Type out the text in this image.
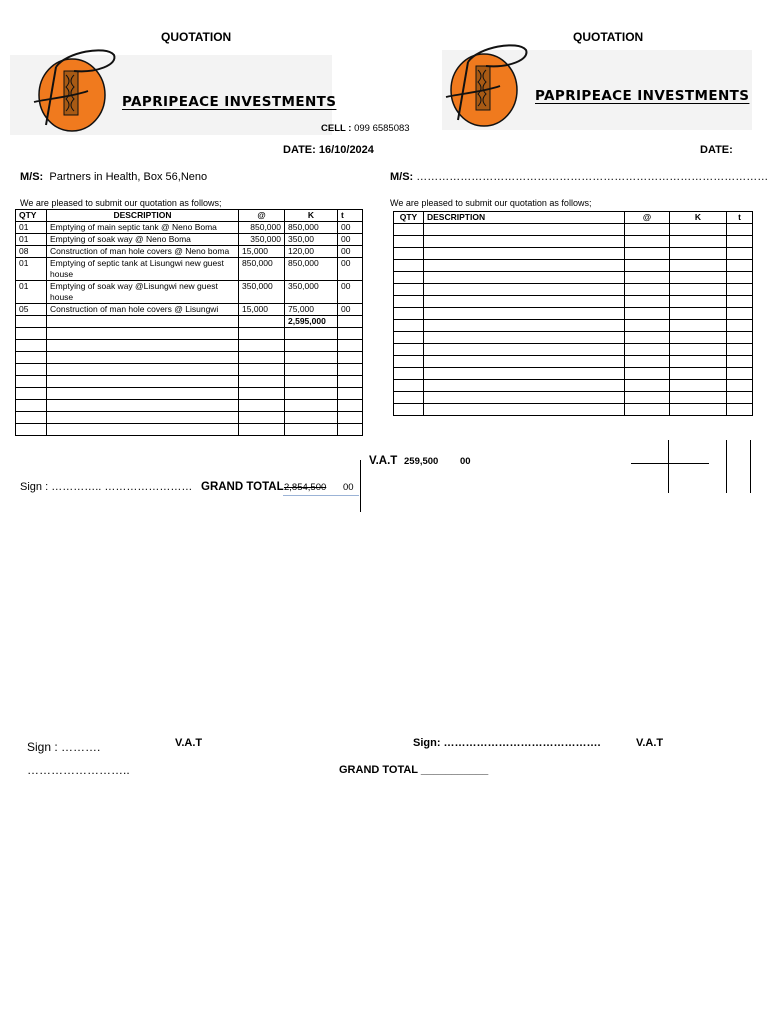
QUOTATION
PAPRIPEACE INVESTMENTS
CELL : 099 6585083
DATE: 16/10/2024
M/S: Partners in Health, Box 56,Neno
We are pleased to submit our quotation as follows;
QTY	DESCRIPTION	@	K	t
01	Emptying of main septic tank @ Neno Boma	850,000	850,000	00
01	Emptying of soak way @ Neno Boma	350,000	350,00	00
08	Construction of man hole covers @ Neno boma	15,000	120,00	00
01	Emptying of septic tank at Lisungwi new guest house	850,000	850,000	00
01	Emptying of soak way @Lisungwi new guest house	350,000	350,000	00
05	Construction of man hole covers @ Lisungwi	15,000	75,000	00
			2,595,000	

V.A.T 259,500 00
Sign : ………….. …………………… GRAND TOTAL 2,854,500 00
QUOTATION
PAPRIPEACE INVESTMENTS
DATE:
M/S: ……………………………………………………………………………………
We are pleased to submit our quotation as follows;
QTY	DESCRIPTION	@	K	t

Sign : ……….
……………………..
V.A.T	Sign: …………………………………….	V.A.T
GRAND TOTAL ___________
